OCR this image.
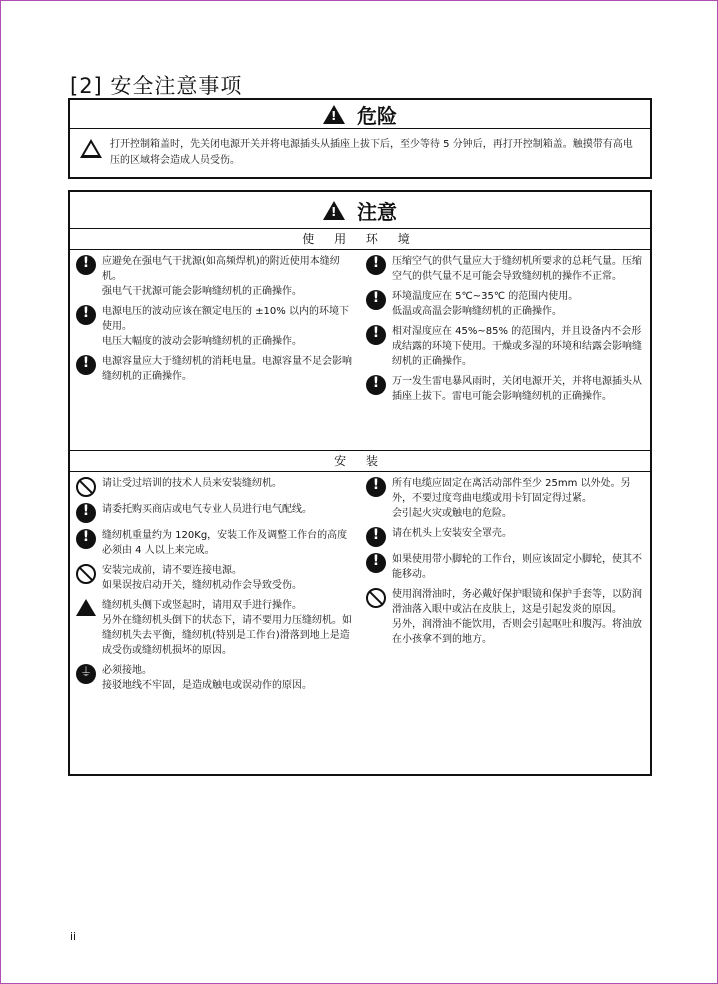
[2] 安全注意事项
!
危险
打开控制箱盖时，先关闭电源开关并将电源插头从插座上拔下后，至少等待 5 分钟后，再打开控制箱盖。触摸带有高电压的区域将会造成人员受伤。
!
注意
使 用 环 境
!
应避免在强电气干扰源(如高频焊机)的附近使用本缝纫机。
强电气干扰源可能会影响缝纫机的正确操作。
!
电源电压的波动应该在额定电压的 ±10% 以内的环境下使用。
电压大幅度的波动会影响缝纫机的正确操作。
!
电源容量应大于缝纫机的消耗电量。电源容量不足会影响缝纫机的正确操作。
!
压缩空气的供气量应大于缝纫机所要求的总耗气量。压缩空气的供气量不足可能会导致缝纫机的操作不正常。
!
环境温度应在 5℃~35℃ 的范围内使用。
低温或高温会影响缝纫机的正确操作。
!
相对湿度应在 45%~85% 的范围内，并且设备内不会形成结露的环境下使用。干燥或多湿的环境和结露会影响缝纫机的正确操作。
!
万一发生雷电暴风雨时，关闭电源开关，并将电源插头从插座上拔下。雷电可能会影响缝纫机的正确操作。
安 装
请让受过培训的技术人员来安装缝纫机。
!
请委托购买商店或电气专业人员进行电气配线。
!
缝纫机重量约为 120Kg，安装工作及调整工作台的高度必须由 4 人以上来完成。
安装完成前，请不要连接电源。
如果误按启动开关，缝纫机动作会导致受伤。
缝纫机头侧下或竖起时，请用双手进行操作。
另外在缝纫机头倒下的状态下，请不要用力压缝纫机。如缝纫机失去平衡，缝纫机(特别是工作台)滑落到地上是造成受伤或缝纫机损坏的原因。
⏚
必须接地。
接驳地线不牢固，是造成触电或误动作的原因。
!
所有电缆应固定在离活动部件至少 25mm 以外处。另外，不要过度弯曲电缆或用卡钉固定得过紧。
会引起火灾或触电的危险。
!
请在机头上安装安全罩壳。
!
如果使用带小脚轮的工作台，则应该固定小脚轮，使其不能移动。
使用润滑油时，务必戴好保护眼镜和保护手套等，以防润滑油落入眼中或沾在皮肤上，这是引起发炎的原因。
另外，润滑油不能饮用，否则会引起呕吐和腹泻。将油放在小孩拿不到的地方。
ii
